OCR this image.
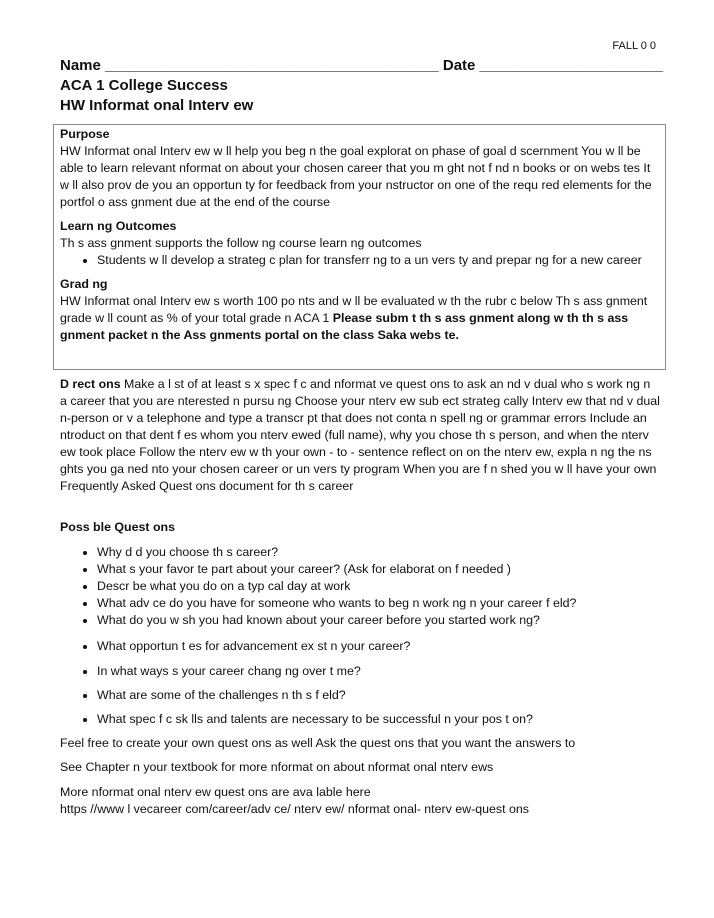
FALL 0 0
Name ________________________________________ Date ______________________
ACA 1 College Success
HW Informat onal Interv ew

Purpose

HW Informat onal Interv ew w ll help you beg n the goal explorat on phase of goal d scernment You w ll be able to learn relevant nformat on about your chosen career that you m ght not f nd n books or on webs tes It w ll also prov de you an opportun ty for feedback from your nstructor on one of the requ red elements for the portfol o ass gnment due at the end of the course

Learn ng Outcomes

Th s ass gnment supports the follow ng course learn ng outcomes

• Students w ll develop a strateg c plan for transferr ng to a un vers ty and prepar ng for a new career

Grad ng

HW Informat onal Interv ew s worth 100 po nts and w ll be evaluated w th the rubr c below Th s ass gnment grade w ll count as % of your total grade n ACA 1 Please subm t th s ass gnment along w th th s ass gnment packet n the Ass gnments portal on the class Saka webs te.

D rect ons Make a l st of at least s x spec f c and nformat ve quest ons to ask an nd v dual who s work ng n a career that you are nterested n pursu ng Choose your nterv ew sub ect strateg cally Interv ew that nd v dual n-person or v a telephone and type a transcr pt that does not conta n spell ng or grammar errors Include an ntroduct on that dent f es whom you nterv ewed (full name), why you chose th s person, and when the nterv ew took place Follow the nterv ew w th your own - to - sentence reflect on on the nterv ew, expla n ng the ns ghts you ga ned nto your chosen career or un vers ty program When you are f n shed you w ll have your own Frequently Asked Quest ons document for th s career

Poss ble Quest ons
• Why d d you choose th s career?
• What s your favor te part about your career? (Ask for elaborat on f needed )
• Descr be what you do on a typ cal day at work
• What adv ce do you have for someone who wants to beg n work ng n your career f eld?
• What do you w sh you had known about your career before you started work ng?
• What opportun t es for advancement ex st n your career?
• In what ways s your career chang ng over t me?
• What are some of the challenges n th s f eld?
• What spec f c sk lls and talents are necessary to be successful n your pos t on?
Feel free to create your own quest ons as well Ask the quest ons that you want the answers to
See Chapter n your textbook for more nformat on about nformat onal nterv ews
More nformat onal nterv ew quest ons are ava lable here
https //www l vecareer com/career/adv ce/ nterv ew/ nformat onal- nterv ew-quest ons
